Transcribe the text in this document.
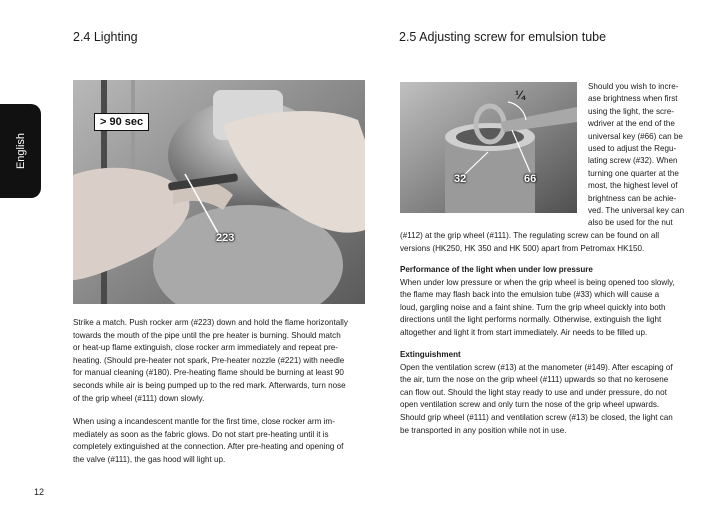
English
2.4 Lighting	2.5 Adjusting screw for emulsion tube
> 90 sec
223
¼
32	66
Strike a match. Push rocker arm (#223) down and hold the flame horizontally
towards the mouth of the pipe until the pre heater is burning. Should match
or heat-up flame extinguish, close rocker arm immediately and repeat pre-
heating. (Should pre-heater not spark, Pre-heater nozzle (#221) with needle
for manual cleaning (#180). Pre-heating flame should be burning at least 90
seconds while air is being pumped up to the red mark. Afterwards, turn nose
of the grip wheel (#111) down slowly.
When using a incandescent mantle for the first time, close rocker arm im-
mediately as soon as the fabric glows. Do not start pre-heating until it is
completely extinguished at the connection. After pre-heating and opening of
the valve (#111), the gas hood will light up.
Should you wish to incre-
ase brightness when first
using the light, the scre-
wdriver at the end of the
universal key (#66) can be
used to adjust the Regu-
lating screw (#32). When
turning one quarter at the
most, the highest level of
brightness can be achie-
ved. The universal key can
also be used for the nut
(#112) at the grip wheel (#111). The regulating screw can be found on all
versions (HK250, HK 350 and HK 500) apart from Petromax HK150.
Performance of the light when under low pressure
When under low pressure or when the grip wheel is being opened too slowly,
the flame may flash back into the emulsion tube (#33) which will cause a
loud, gargling noise and a faint shine. Turn the grip wheel quickly into both
directions until the light performs normally. Otherwise, extinguish the light
altogether and light it from start immediately. Air needs to be filled up.
Extinguishment
Open the ventilation screw (#13) at the manometer (#149). After escaping of
the air, turn the nose on the grip wheel (#111) upwards so that no kerosene
can flow out. Should the light stay ready to use and under pressure, do not
open ventilation screw and only turn the nose of the grip wheel upwards.
Should grip wheel (#111) and ventilation screw (#13) be closed, the light can
be transported in any position while not in use.
12
